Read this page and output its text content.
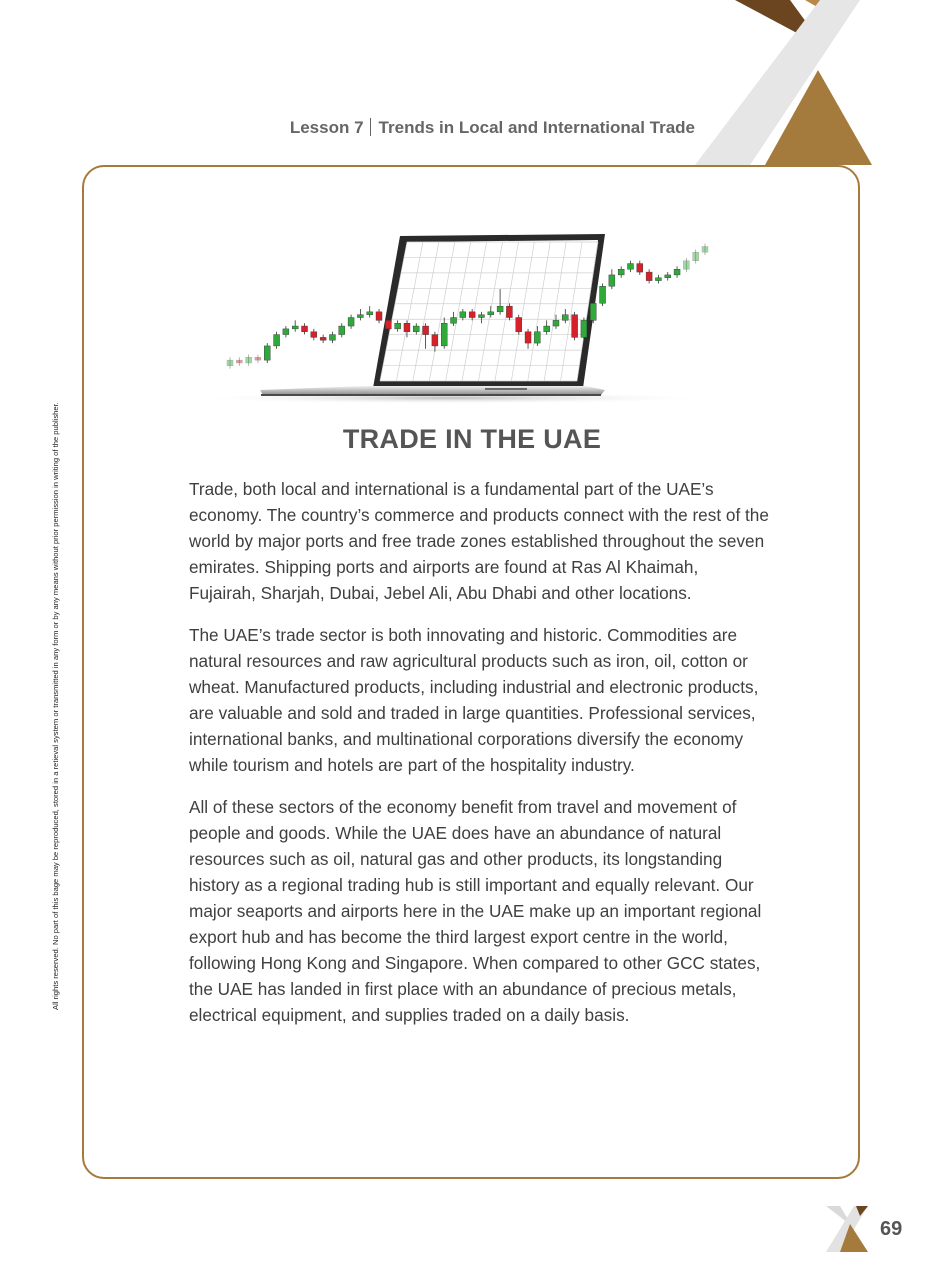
Lesson 7 Trends in Local and International Trade
All rights reserved. No part of this bage may be reproduced, stored in a retieval system or transmitted in any form or by any means without prior permission in writing of the publisher.	TRADE IN THE UAE

Trade, both local and international is a fundamental part of the UAE’s economy. The country’s commerce and products connect with the rest of the world by major ports and free trade zones established throughout the seven emirates. Shipping ports and airports are found at Ras Al Khaimah, Fujairah, Sharjah, Dubai, Jebel Ali, Abu Dhabi and other locations.

The UAE’s trade sector is both innovating and historic. Commodities are natural resources and raw agricultural products such as iron, oil, cotton or wheat. Manufactured products, including industrial and electronic products, are valuable and sold and traded in large quantities. Professional services, international banks, and multinational corporations diversify the economy while tourism and hotels are part of the hospitality industry.

All of these sectors of the economy benefit from travel and movement of people and goods. While the UAE does have an abundance of natural resources such as oil, natural gas and other products, its longstanding history as a regional trading hub is still important and equally relevant. Our major seaports and airports here in the UAE make up an important regional export hub and has become the third largest export centre in the world, following Hong Kong and Singapore. When compared to other GCC states, the UAE has landed in first place with an abundance of precious metals, electrical equipment, and supplies traded on a daily basis.

69
